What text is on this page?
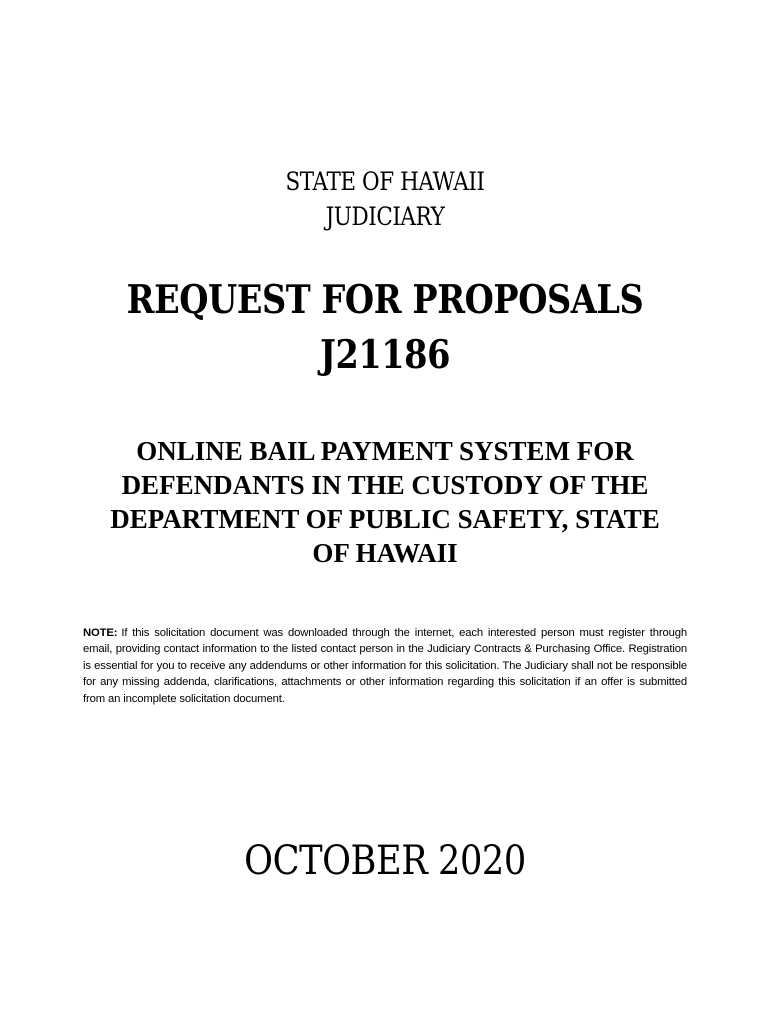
STATE OF HAWAII
JUDICIARY
REQUEST FOR PROPOSALS
J21186
ONLINE BAIL PAYMENT SYSTEM FOR
DEFENDANTS IN THE CUSTODY OF THE
DEPARTMENT OF PUBLIC SAFETY, STATE
OF HAWAII
NOTE: If this solicitation document was downloaded through the internet, each interested person must register through email, providing contact information to the listed contact person in the Judiciary Contracts & Purchasing Office. Registration is essential for you to receive any addendums or other information for this solicitation. The Judiciary shall not be responsible for any missing addenda, clarifications, attachments or other information regarding this solicitation if an offer is submitted from an incomplete solicitation document.
OCTOBER 2020
